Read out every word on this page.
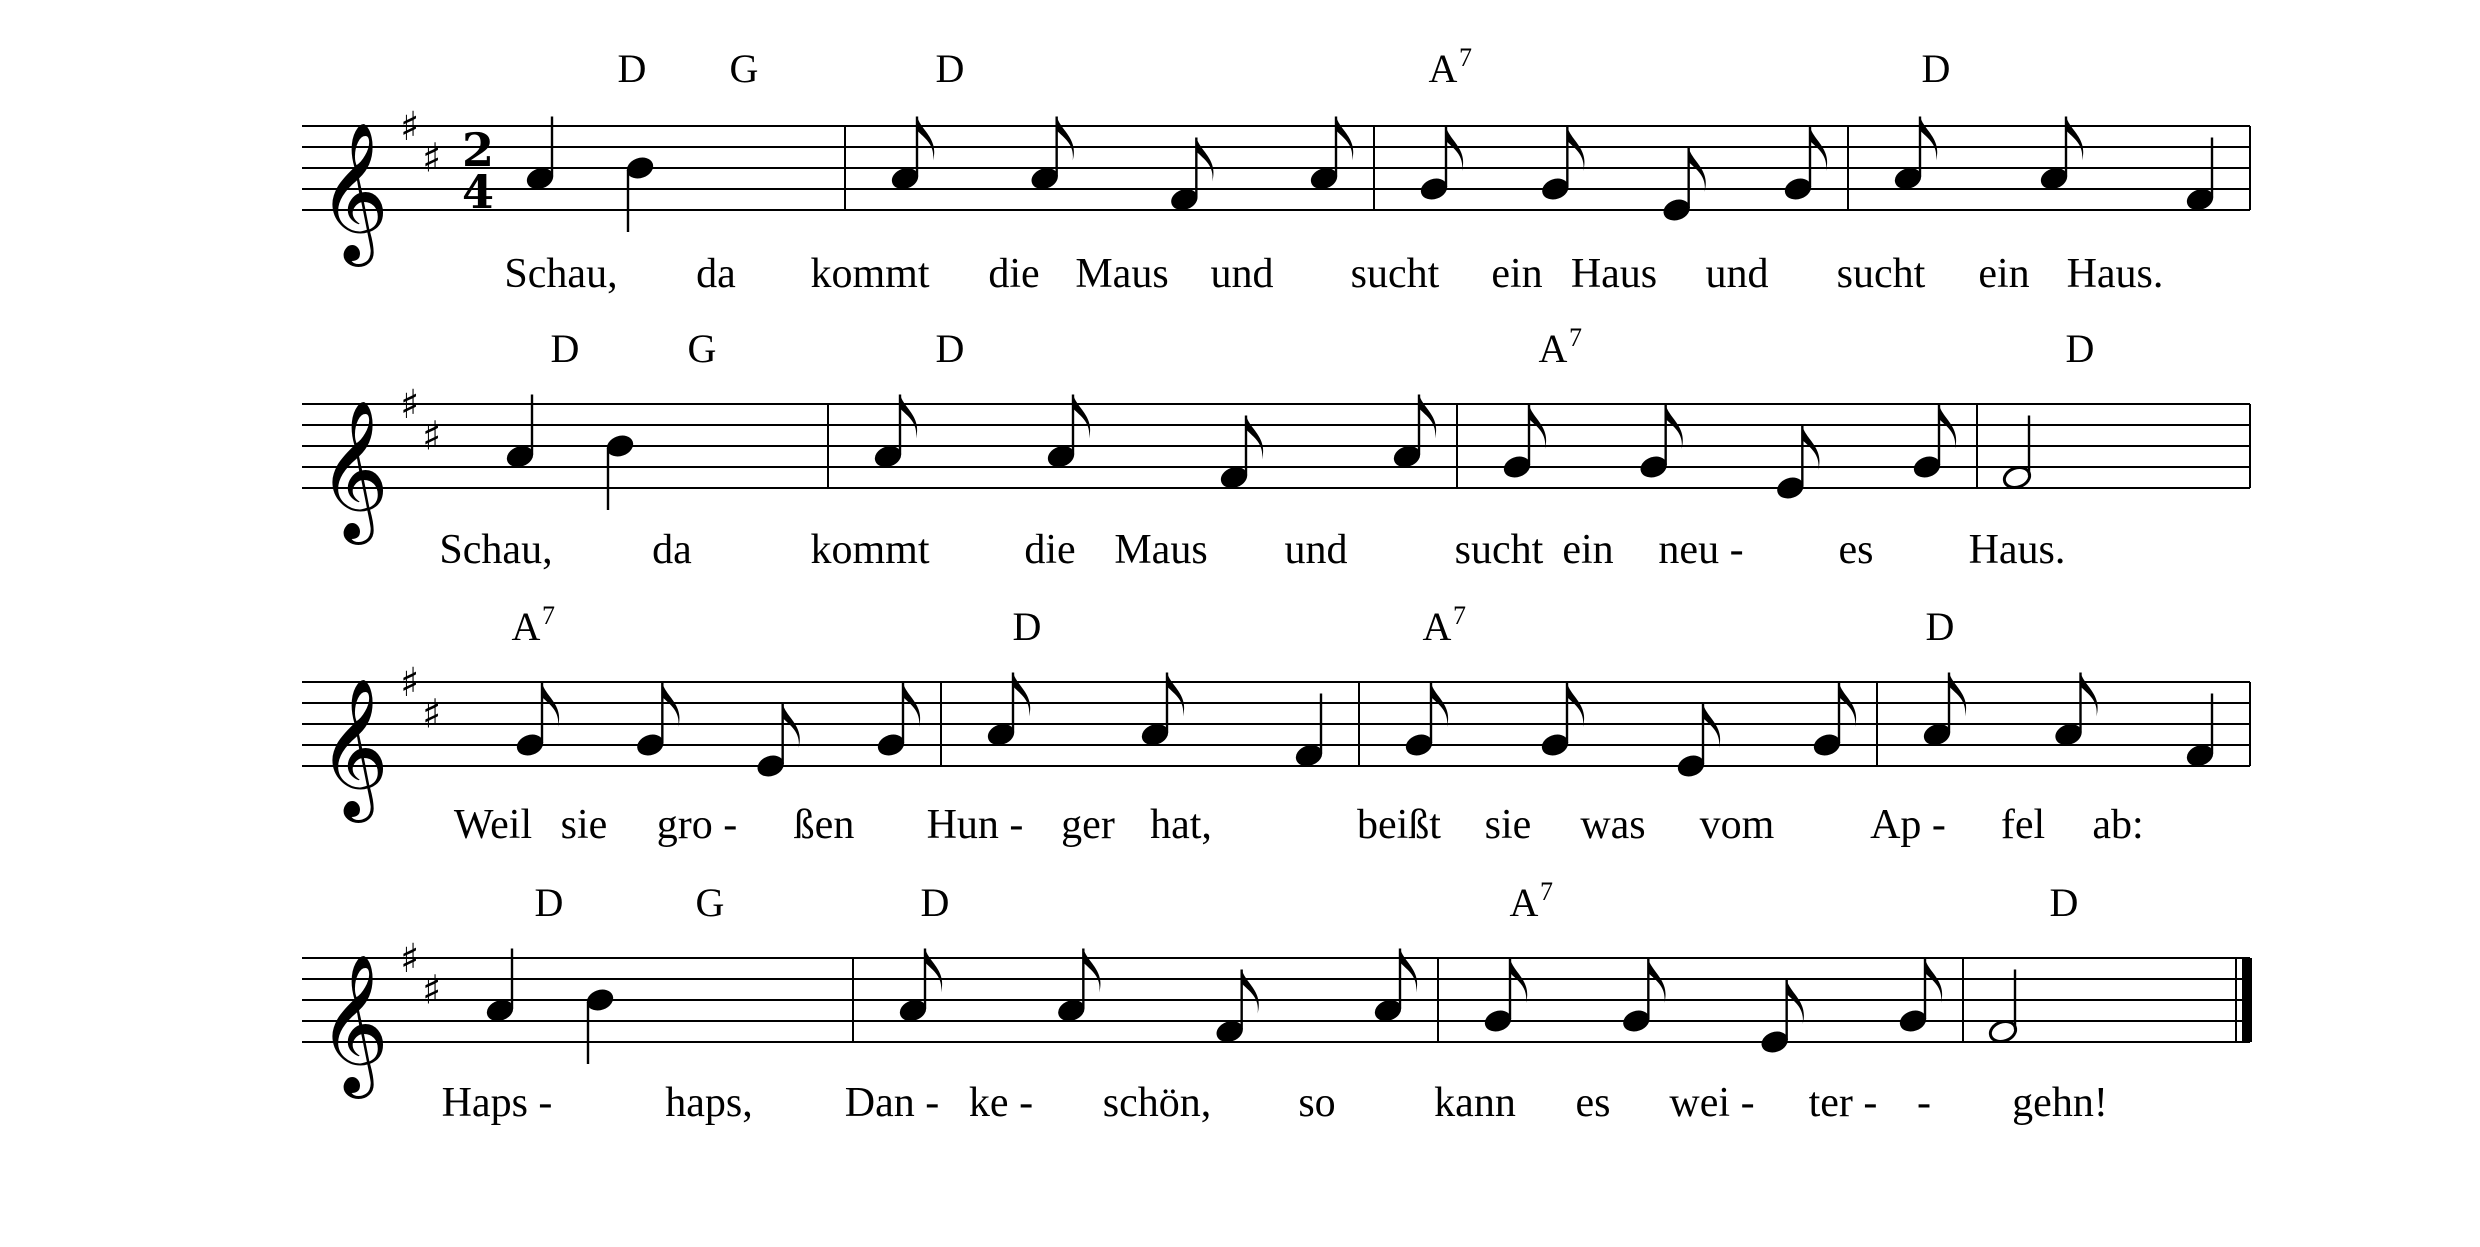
𝄞 ♯
♯ 2
4
D G	D	A 7	D
Schau, da kommt die Maus und sucht ein Haus und sucht ein Haus.
𝄞 ♯
♯
D	G	D	A 7	D
Schau, da	kommt die Maus und	sucht ein neu - es Haus.
𝄞 ♯
♯
A 7	D	A 7	D
Weil sie gro - ßen Hun - ger hat,	beißt sie was vom Ap - fel ab:
𝄞 ♯
♯
D	G	D	A 7	D
Haps -	haps, Dan - ke - schön, so kann es wei - ter - - gehn!
